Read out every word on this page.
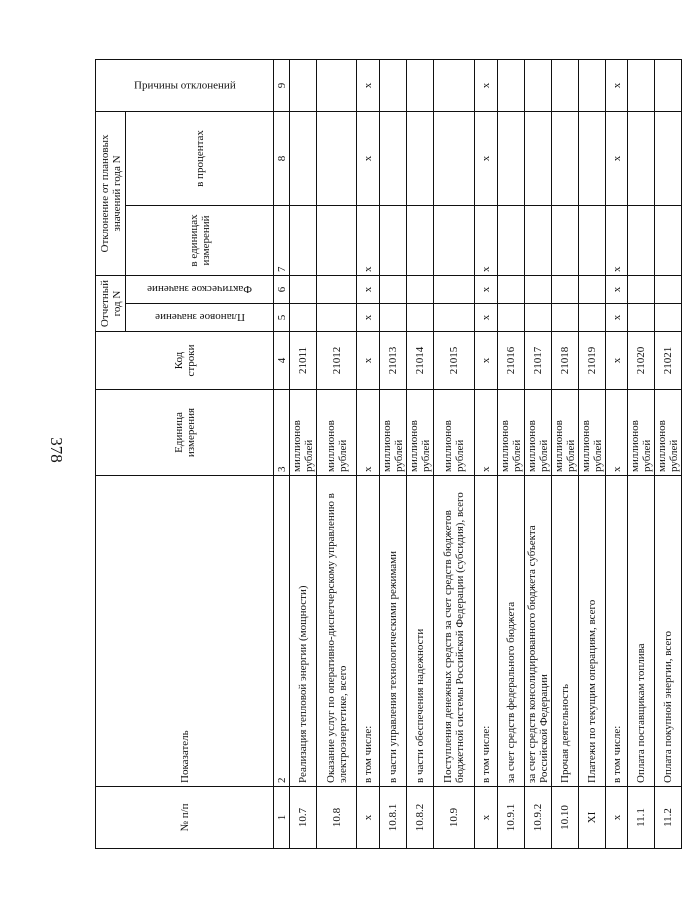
378
№ п/п	Показатель	Единица измерения	Код строки	Отчетный год N		Отклонение от плановых значений года N		Причины отклонений
				Плановое значение	Фактическое значение	в единицах измерений	в процентах	

1	2	3	4	5	6	7	8	9
10.7	Реализация тепловой энергии (мощности)	миллионов рублей	21011					
10.8	Оказание услуг по оперативно-диспетчерскому управлению в электроэнергетике, всего	миллионов рублей	21012					
x	в том числе:	x	x	x	x	x	x	x
10.8.1	в части управления технологическими режимами	миллионов рублей	21013					
10.8.2	в части обеспечения надежности	миллионов рублей	21014					
10.9	Поступления денежных средств за счет средств бюджетов бюджетной системы Российской Федерации (субсидия), всего	миллионов рублей	21015					
x	в том числе:	x	x	x	x	x	x	x
10.9.1	за счет средств федерального бюджета	миллионов рублей	21016					
10.9.2	за счет средств консолидированного бюджета субъекта Российской Федерации	миллионов рублей	21017					
10.10	Прочая деятельность	миллионов рублей	21018					
XI	Платежи по текущим операциям, всего	миллионов рублей	21019					
x	в том числе:	x	x	x	x	x	x	x
11.1	Оплата поставщикам топлива	миллионов рублей	21020					
11.2	Оплата покупной энергии, всего	миллионов рублей	21021					
